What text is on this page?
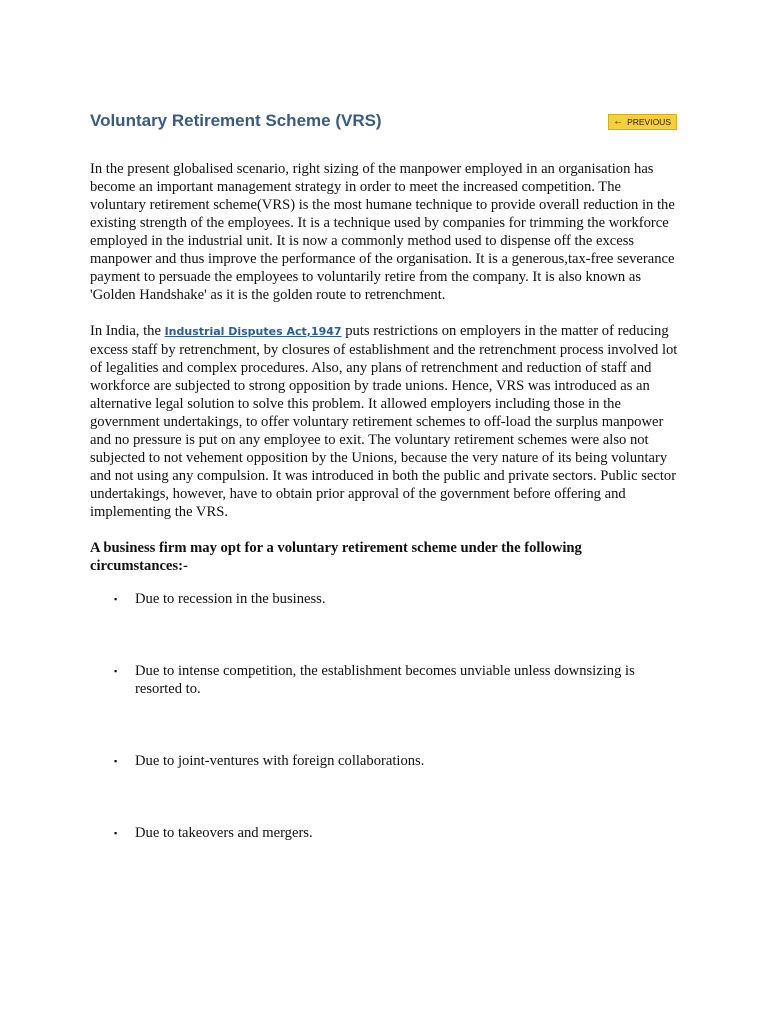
Voluntary Retirement Scheme (VRS)	← PREVIOUS

In the present globalised scenario, right sizing of the manpower employed in an organisation has become an important management strategy in order to meet the increased competition. The voluntary retirement scheme(VRS) is the most humane technique to provide overall reduction in the existing strength of the employees. It is a technique used by companies for trimming the workforce employed in the industrial unit. It is now a commonly method used to dispense off the excess manpower and thus improve the performance of the organisation. It is a generous,tax-free severance payment to persuade the employees to voluntarily retire from the company. It is also known as 'Golden Handshake' as it is the golden route to retrenchment.

In India, the Industrial Disputes Act,1947 puts restrictions on employers in the matter of reducing excess staff by retrenchment, by closures of establishment and the retrenchment process involved lot of legalities and complex procedures. Also, any plans of retrenchment and reduction of staff and workforce are subjected to strong opposition by trade unions. Hence, VRS was introduced as an alternative legal solution to solve this problem. It allowed employers including those in the government undertakings, to offer voluntary retirement schemes to off-load the surplus manpower and no pressure is put on any employee to exit. The voluntary retirement schemes were also not subjected to not vehement opposition by the Unions, because the very nature of its being voluntary and not using any compulsion. It was introduced in both the public and private sectors. Public sector undertakings, however, have to obtain prior approval of the government before offering and implementing the VRS.

A business firm may opt for a voluntary retirement scheme under the following circumstances:-

▪ Due to recession in the business.
▪ Due to intense competition, the establishment becomes unviable unless downsizing is resorted to.
▪ Due to joint-ventures with foreign collaborations.
▪ Due to takeovers and mergers.
